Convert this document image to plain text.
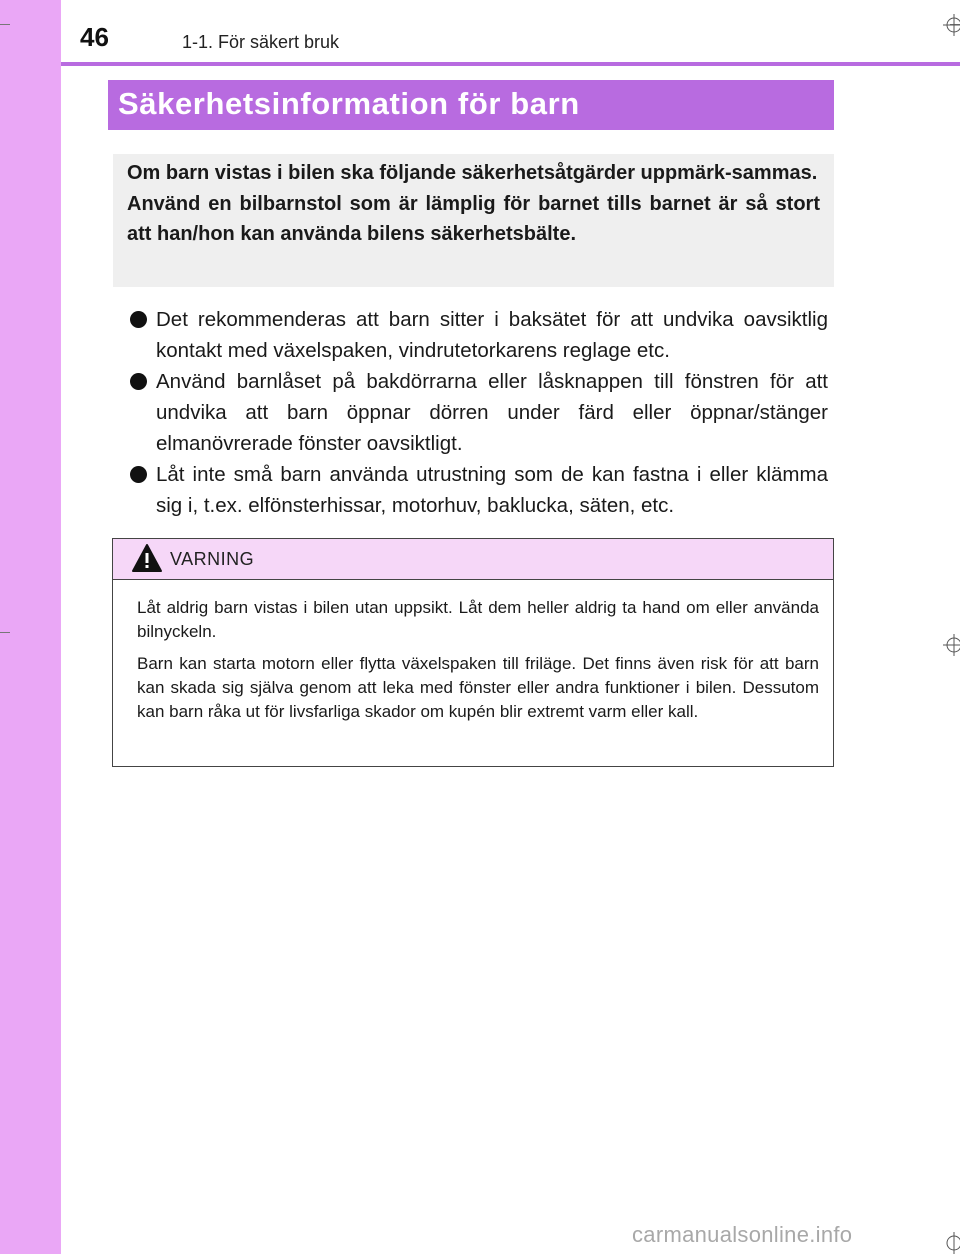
46	1-1. För säkert bruk
Säkerhetsinformation för barn

Om barn vistas i bilen ska följande säkerhetsåtgärder uppmärk-sammas.

Använd en bilbarnstol som är lämplig för barnet tills barnet är så stort att han/hon kan använda bilens säkerhetsbälte.

Det rekommenderas att barn sitter i baksätet för att undvika oavsiktlig kontakt med växelspaken, vindrutetorkarens reglage etc.
Använd barnlåset på bakdörrarna eller låsknappen till fönstren för att undvika att barn öppnar dörren under färd eller öppnar/stänger elmanövrerade fönster oavsiktligt.
Låt inte små barn använda utrustning som de kan fastna i eller klämma sig i, t.ex. elfönsterhissar, motorhuv, baklucka, säten, etc.
VARNING

Låt aldrig barn vistas i bilen utan uppsikt. Låt dem heller aldrig ta hand om eller använda bilnyckeln.

Barn kan starta motorn eller flytta växelspaken till friläge. Det finns även risk för att barn kan skada sig själva genom att leka med fönster eller andra funktioner i bilen. Dessutom kan barn råka ut för livsfarliga skador om kupén blir extremt varm eller kall.

carmanualsonline.info
